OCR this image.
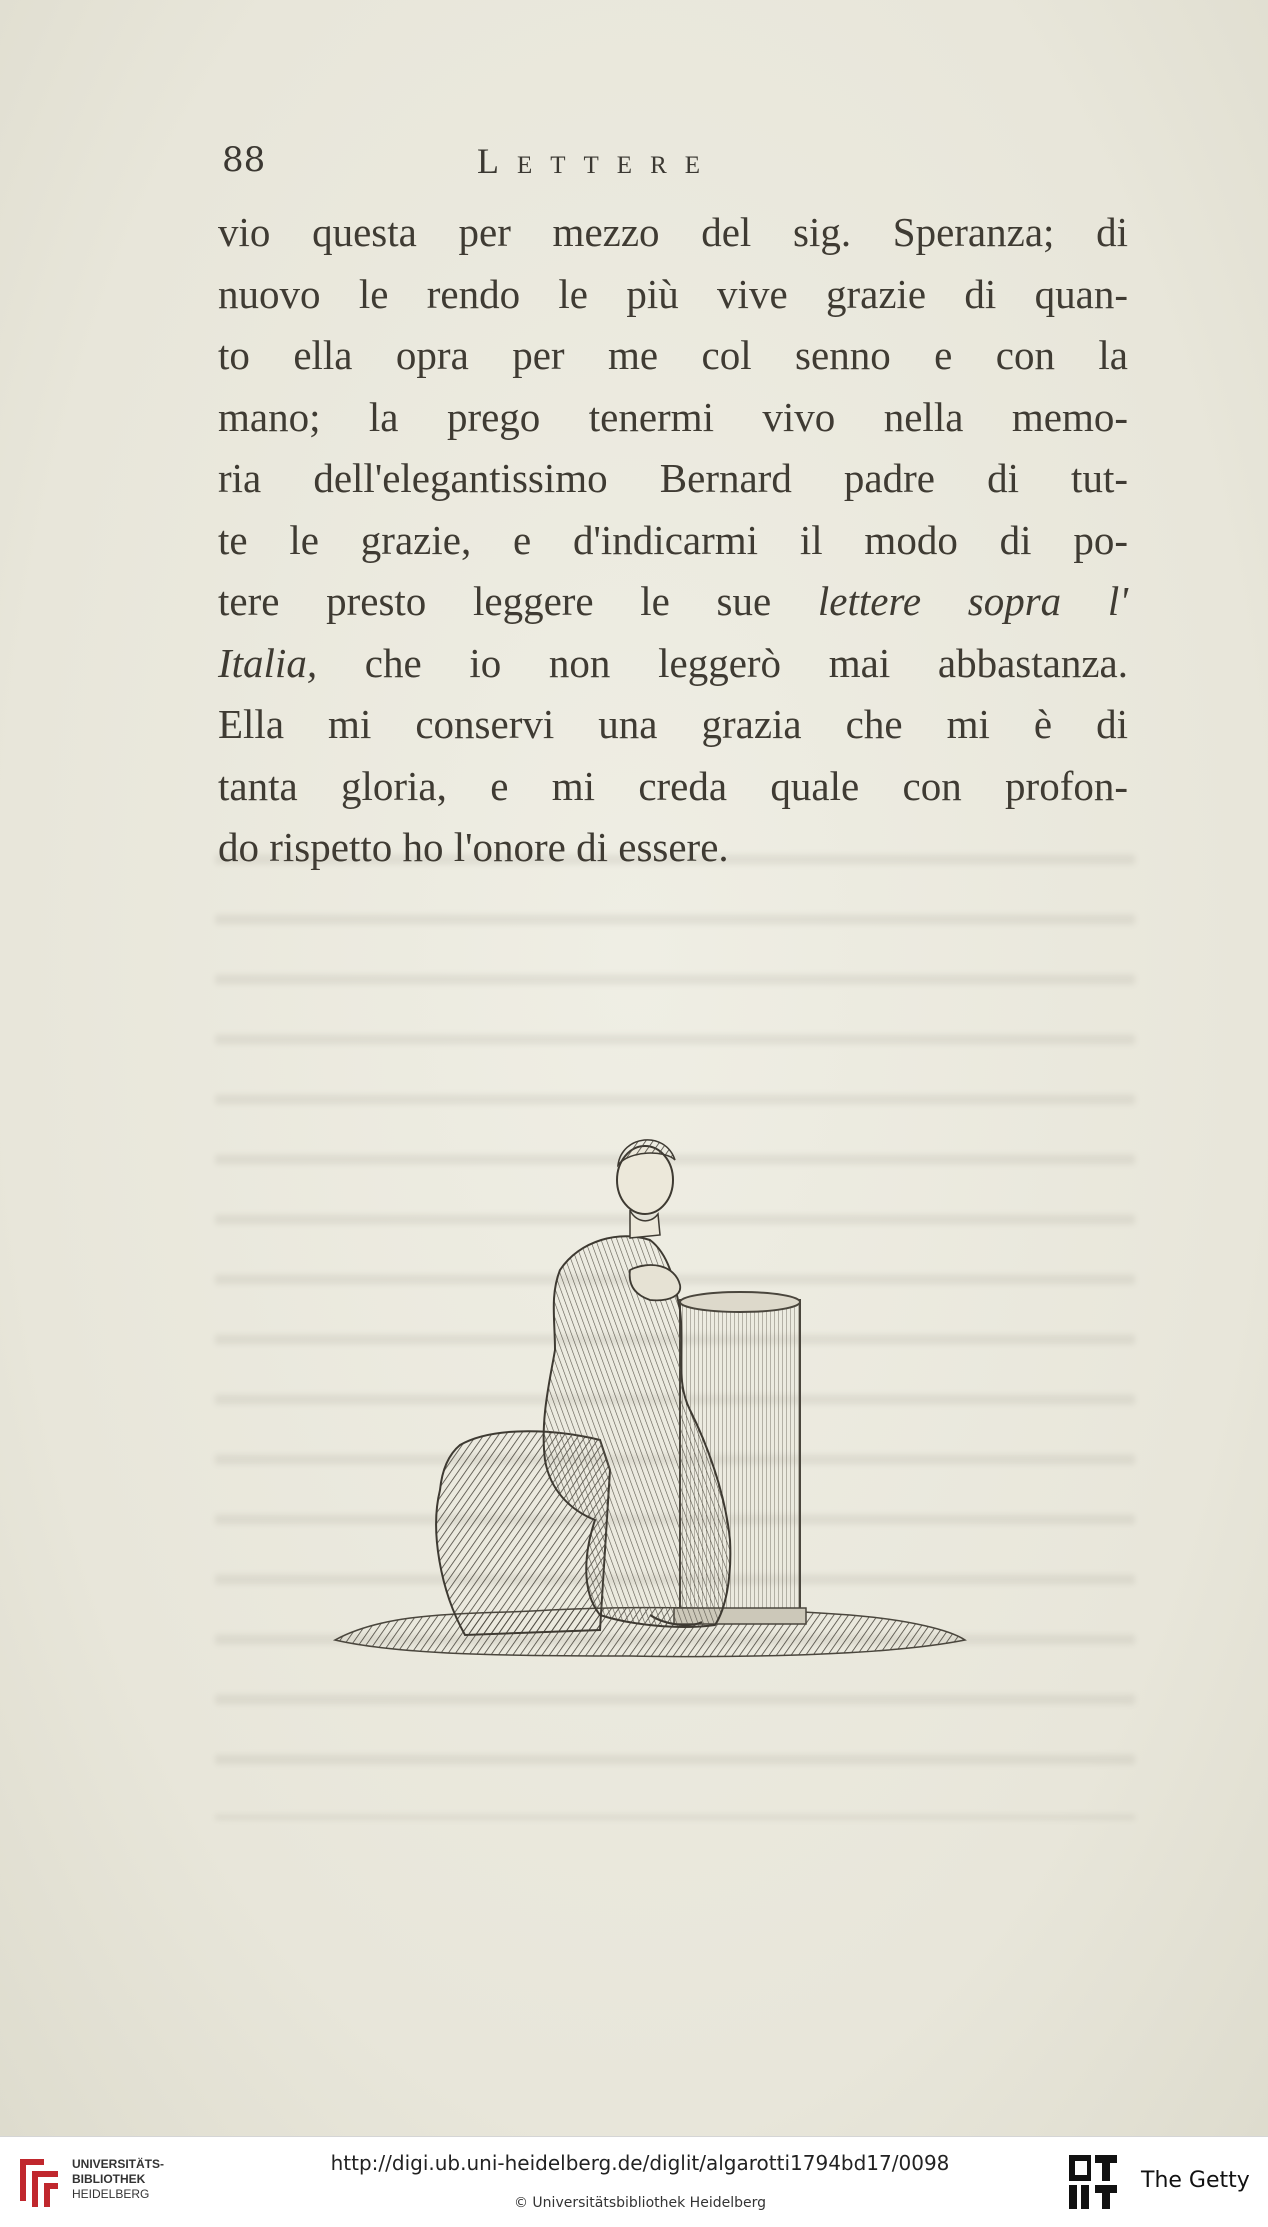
88	Lettere
vio questa per mezzo del sig. Speranza; di
nuovo le rendo le più vive grazie di quan-
to ella opra per me col senno e con la
mano; la prego tenermi vivo nella memo-
ria dell'elegantissimo Bernard padre di tut-
te le grazie, e d'indicarmi il modo di po-
tere presto leggere le sue lettere sopra l'
Italia, che io non leggerò mai abbastanza.
Ella mi conservi una grazia che mi è di
tanta gloria, e mi creda quale con profon-
do rispetto ho l'onore di essere.
UNIVERSITÄTS-
BIBLIOTHEK
HEIDELBERG
http://digi.ub.uni-heidelberg.de/diglit/algarotti1794bd17/0098
© Universitätsbibliothek Heidelberg
The Getty
